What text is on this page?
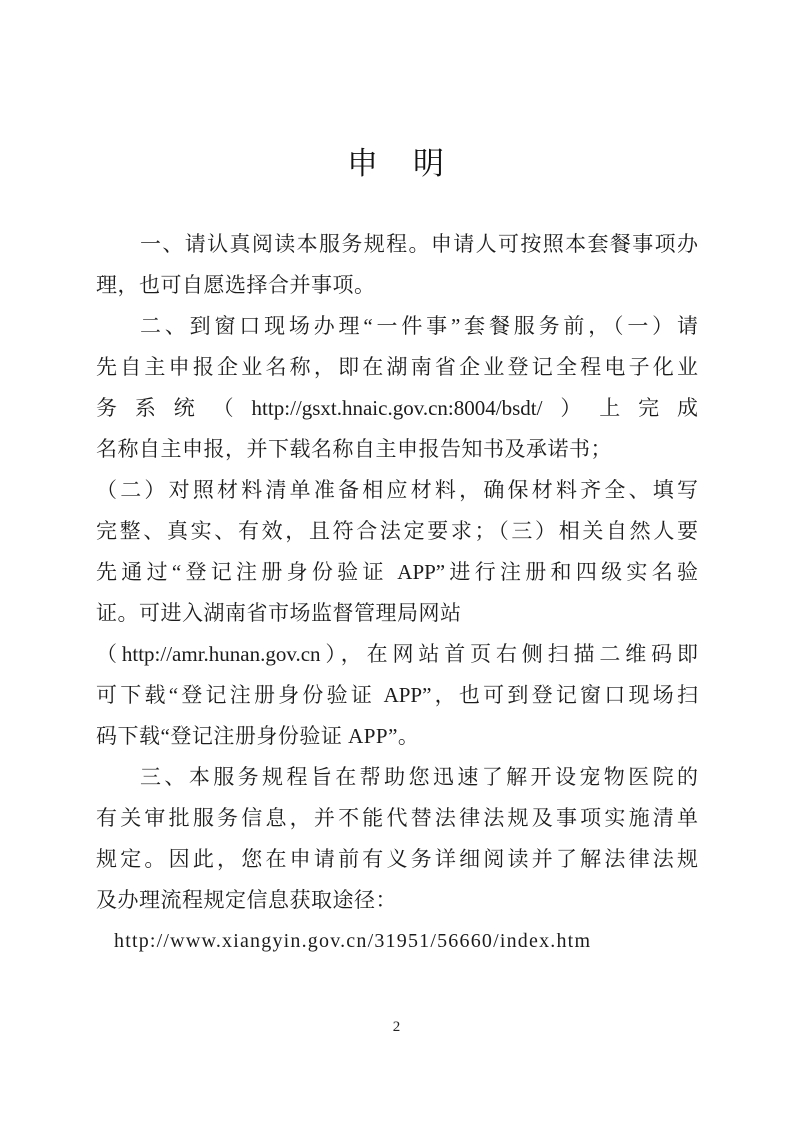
申　明
一、请认真阅读本服务规程。申请人可按照本套餐事项办
理，也可自愿选择合并事项。
二、到窗口现场办理“一件事”套餐服务前，（一）请
先自主申报企业名称，即在湖南省企业登记全程电子化业
务系统（http://gsxt.hnaic.gov.cn:8004/bsdt/）上完成
名称自主申报，并下载名称自主申报告知书及承诺书；
（二）对照材料清单准备相应材料，确保材料齐全、填写
完整、真实、有效，且符合法定要求；（三）相关自然人要
先通过“登记注册身份验证 APP”进行注册和四级实名验
证。可进入湖南省市场监督管理局网站
（http://amr.hunan.gov.cn），在网站首页右侧扫描二维码即
可下载“登记注册身份验证 APP”，也可到登记窗口现场扫
码下载“登记注册身份验证 APP”。
三、本服务规程旨在帮助您迅速了解开设宠物医院的
有关审批服务信息，并不能代替法律法规及事项实施清单
规定。因此，您在申请前有义务详细阅读并了解法律法规
及办理流程规定信息获取途径：
http://www.xiangyin.gov.cn/31951/56660/index.htm
2
